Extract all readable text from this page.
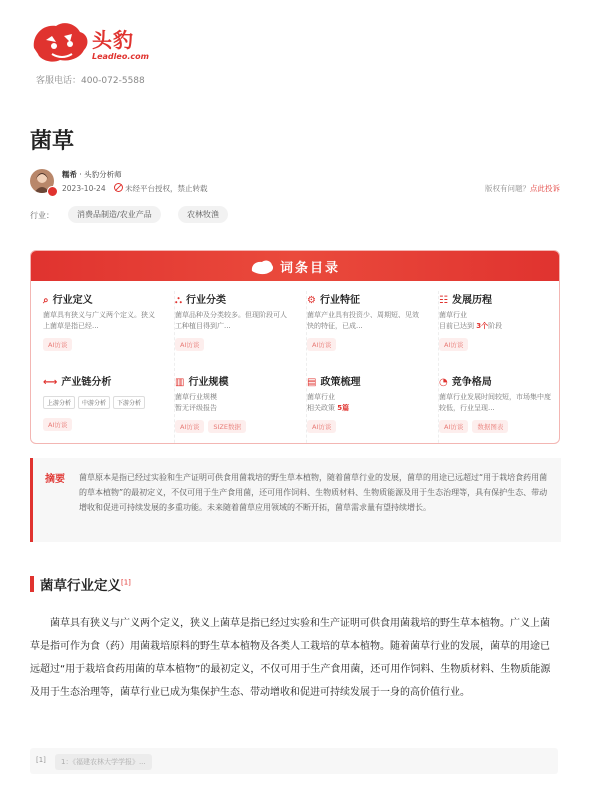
头豹
Leadleo.com
客服电话：400-072-5588
菌草
糯希 · 头豹分析师
2023-10-24	未经平台授权，禁止转载	版权有问题？点此投诉
行业：	消费品制造/农业产品	农林牧渔
词条目录
⌕ 行业定义
菌草具有狭义与广义两个定义。狭义上菌草是指已经...
AI访谈
⛬ 行业分类
菌草品种及分类较多。但现阶段可人工种植目得到广...
AI访谈
⚙ 行业特征
菌草产业具有投资少、周期短、见效快的特征，已成...
AI访谈
☷ 发展历程
菌草行业
目前已达到 3个阶段
AI访谈
⟷ 产业链分析
上游分析 中游分析 下游分析
AI访谈
▥ 行业规模
菌草行业规模
暂无评级报告
AI访谈 SIZE数据
▤ 政策梳理
菌草行业
相关政策 5篇
AI访谈
◔ 竞争格局
菌草行业发展时间较短，市场集中度较低，行业呈现...
AI访谈 数据图表
摘要 菌草原本是指已经过实验和生产证明可供食用菌栽培的野生草本植物，随着菌草行业的发展，菌草的用途已远超过“用于栽培食药用菌的草本植物”的最初定义，不仅可用于生产食用菌，还可用作饲料、生物质材料、生物质能源及用于生态治理等，具有保护生态、带动增收和促进可持续发展的多重功能。未来随着菌草应用领域的不断开拓，菌草需求量有望持续增长。
菌草行业定义[1]

菌草具有狭义与广义两个定义，狭义上菌草是指已经过实验和生产证明可供食用菌栽培的野生草本植物。广义上菌草是指可作为食（药）用菌栽培原料的野生草本植物及各类人工栽培的草本植物。随着菌草行业的发展，菌草的用途已远超过“用于栽培食药用菌的草本植物”的最初定义，不仅可用于生产食用菌，还可用作饲料、生物质材料、生物质能源及用于生态治理等，菌草行业已成为集保护生态、带动增收和促进可持续发展于一身的高价值行业。

[1]	1：《福建农林大学学报》...
